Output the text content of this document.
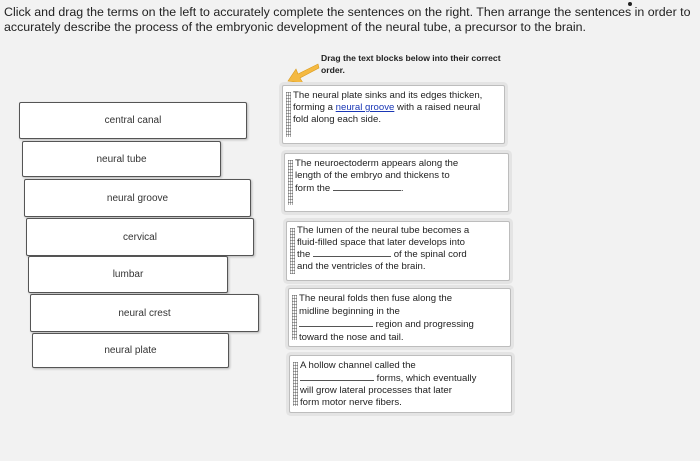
Click and drag the terms on the left to accurately complete the sentences on the right. Then arrange the sentences in order to accurately describe the process of the embryonic development of the neural tube, a precursor to the brain.
Drag the text blocks below into their correct order.
central canal
neural tube
neural groove
cervical
lumbar
neural crest
neural plate
The neural plate sinks and its edges thicken, forming a neural groove with a raised neural fold along each side.
The neuroectoderm appears along the
length of the embryo and thickens to
form the	.
The lumen of the neural tube becomes a
fluid-filled space that later develops into
the	of the spinal cord
and the ventricles of the brain.
The neural folds then fuse along the
midline beginning in the
region and progressing
toward the nose and tail.
A hollow channel called the
forms, which eventually
will grow lateral processes that later
form motor nerve fibers.
